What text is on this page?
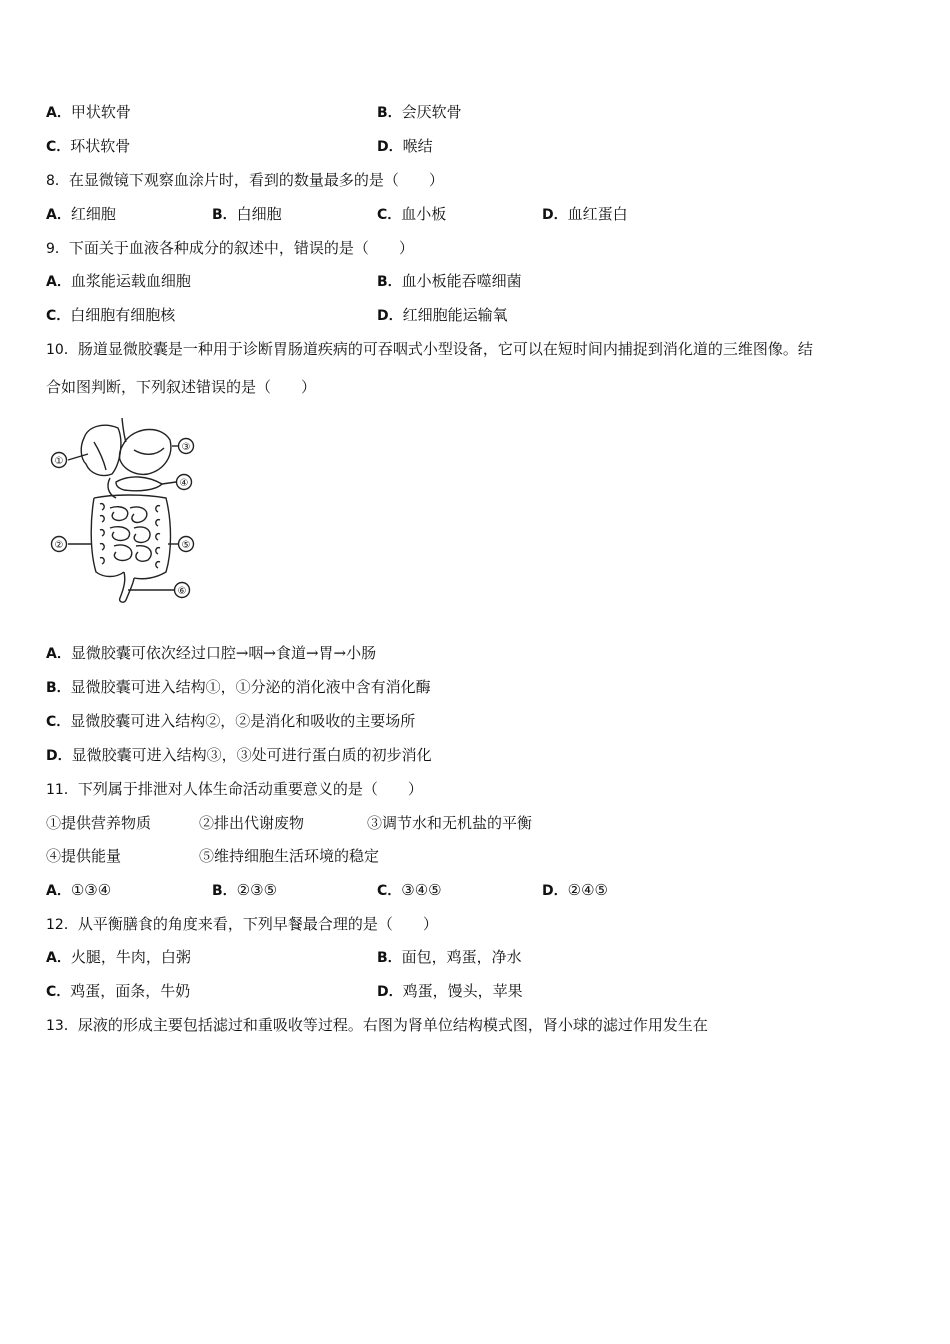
A．甲状软骨	B．会厌软骨
C．环状软骨	D．喉结
8．在显微镜下观察血涂片时，看到的数量最多的是（　　）
A．红细胞	B．白细胞	C．血小板	D．血红蛋白
9．下面关于血液各种成分的叙述中，错误的是（　　）
A．血浆能运载血细胞	B．血小板能吞噬细菌
C．白细胞有细胞核	D．红细胞能运输氧
10．肠道显微胶囊是一种用于诊断胃肠道疾病的可吞咽式小型设备，它可以在短时间内捕捉到消化道的三维图像。结
合如图判断，下列叙述错误的是（　　）
①
②
③
④
⑤
⑥
A．显微胶囊可依次经过口腔→咽→食道→胃→小肠
B．显微胶囊可进入结构①，①分泌的消化液中含有消化酶
C．显微胶囊可进入结构②，②是消化和吸收的主要场所
D．显微胶囊可进入结构③，③处可进行蛋白质的初步消化
11．下列属于排泄对人体生命活动重要意义的是（　　）
①提供营养物质	②排出代谢废物	③调节水和无机盐的平衡
④提供能量	⑤维持细胞生活环境的稳定
A．①③④	B．②③⑤	C．③④⑤	D．②④⑤
12．从平衡膳食的角度来看，下列早餐最合理的是（　　）
A．火腿，牛肉，白粥	B．面包，鸡蛋，净水
C．鸡蛋，面条，牛奶	D．鸡蛋，馒头，苹果
13．尿液的形成主要包括滤过和重吸收等过程。右图为肾单位结构模式图，肾小球的滤过作用发生在
